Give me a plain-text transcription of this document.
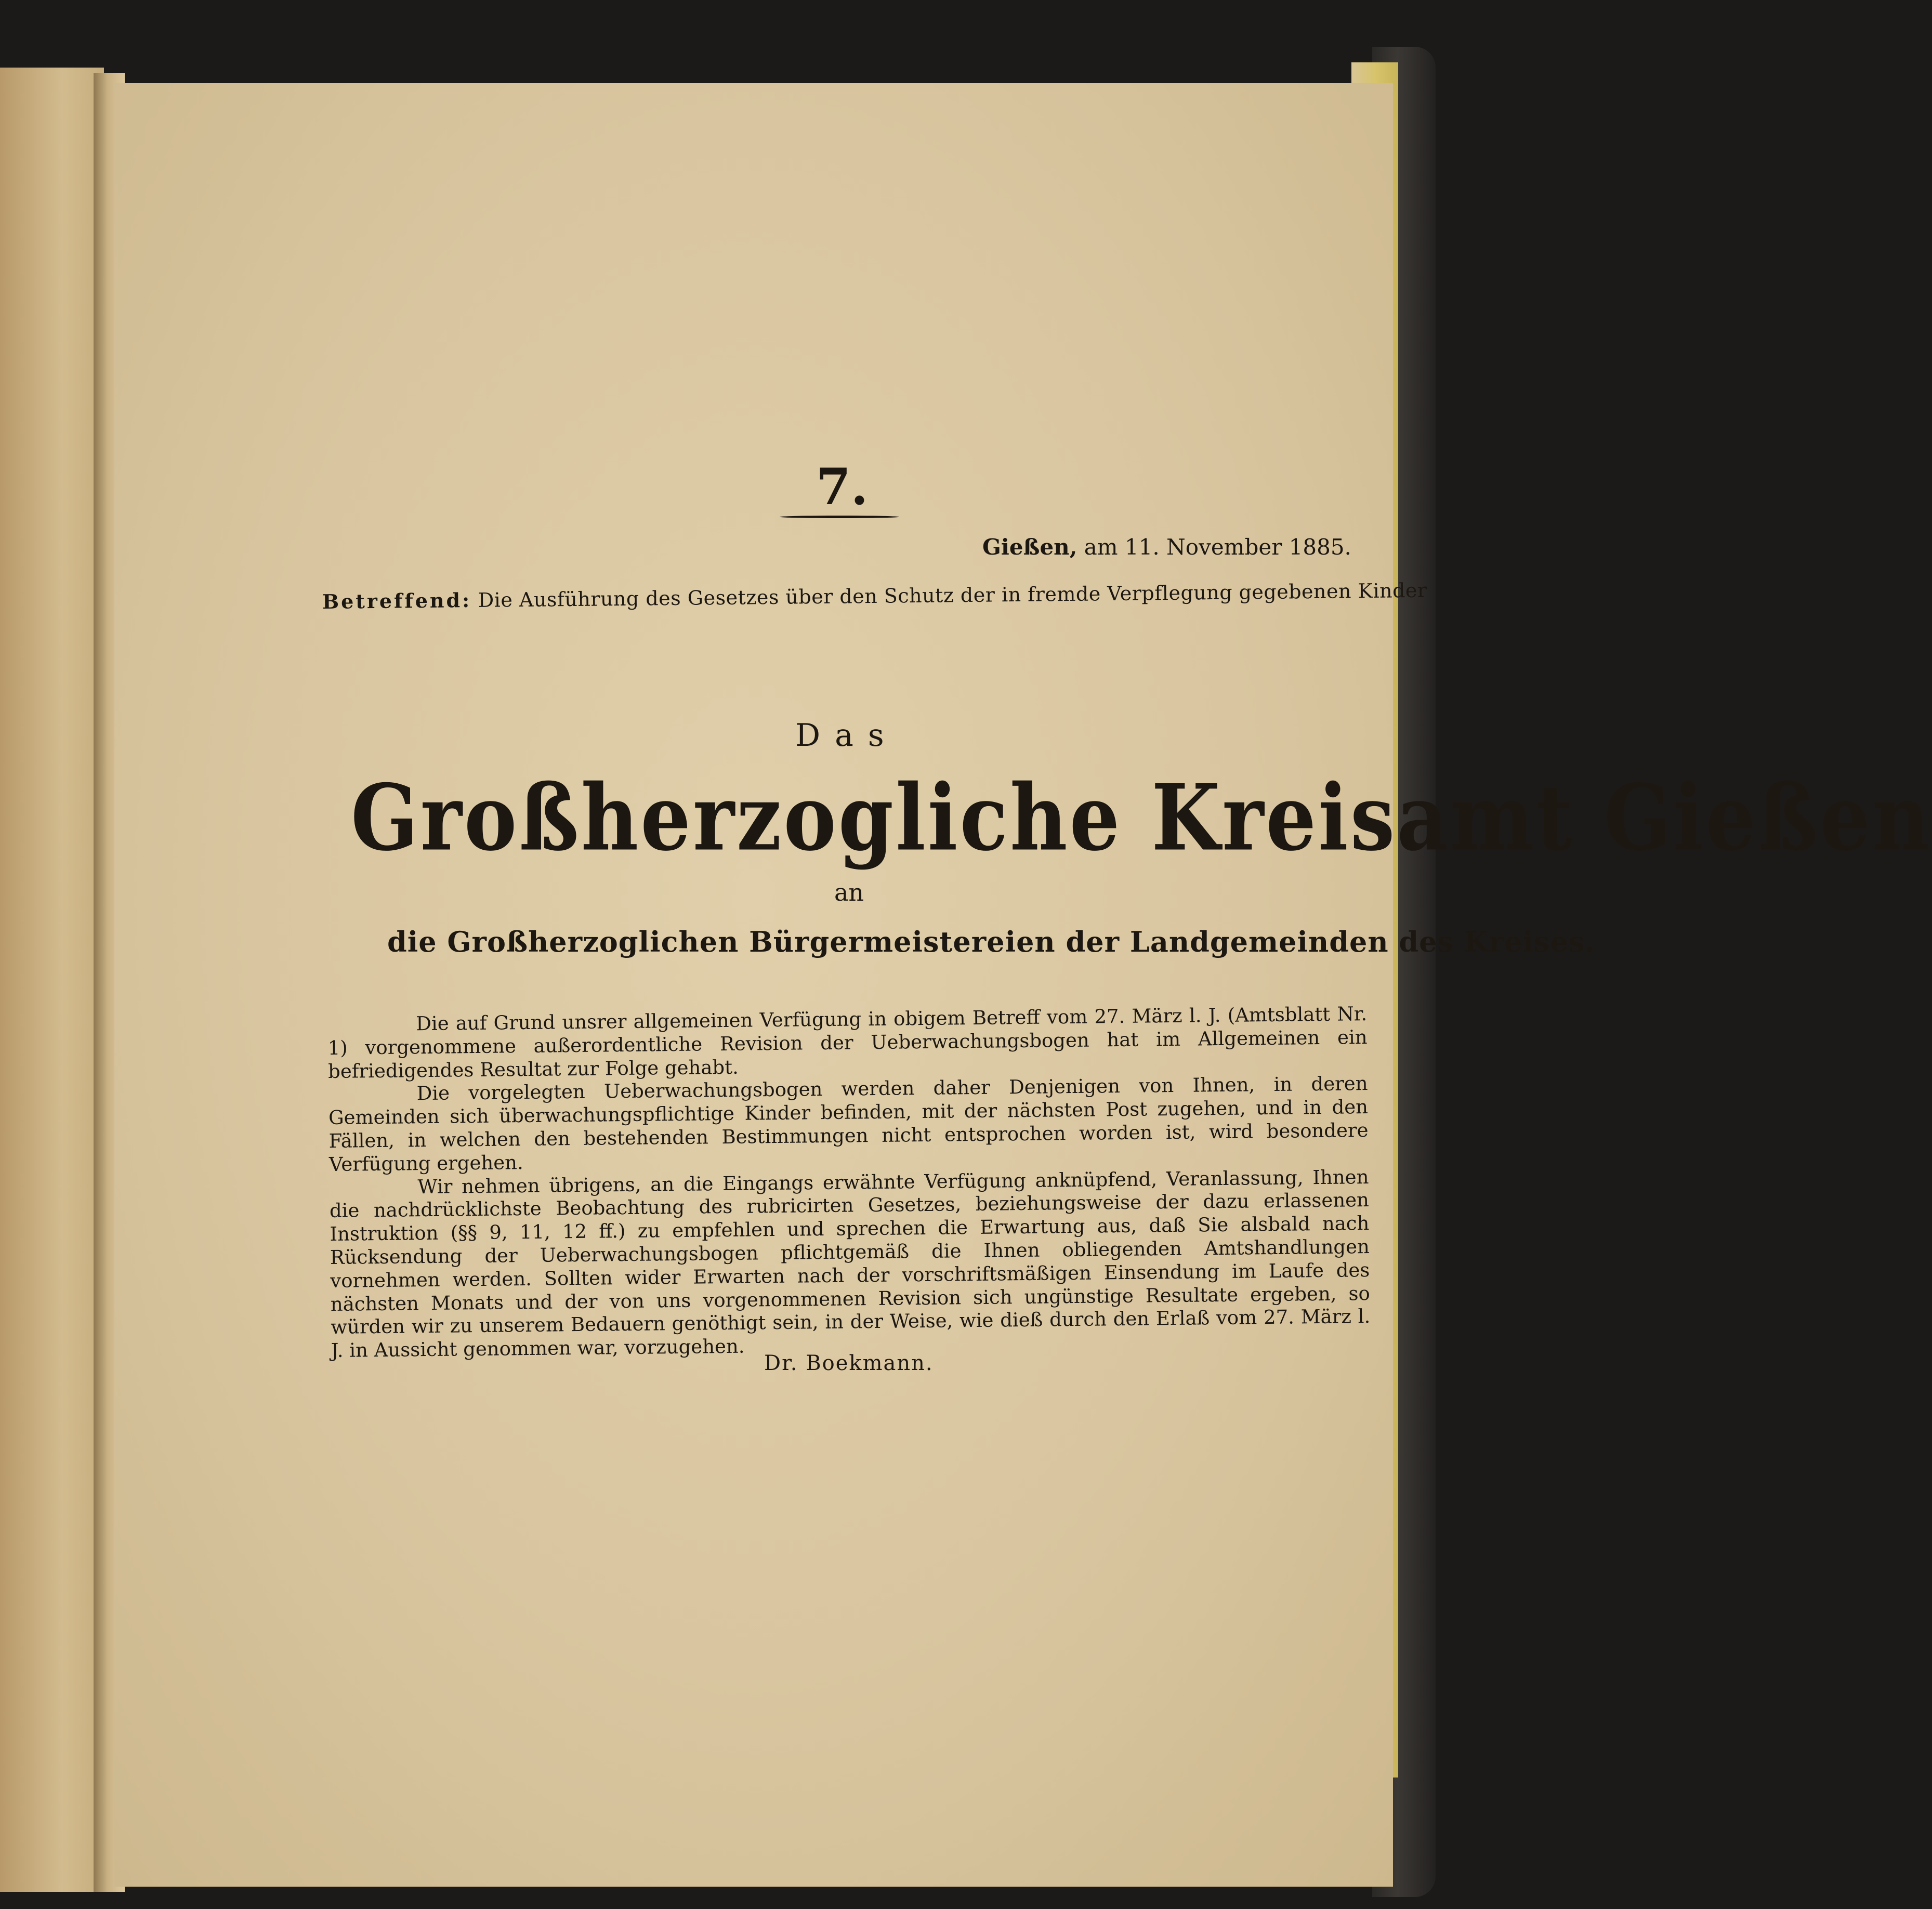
7.
Gießen, am 11. November 1885.
Betreffend: Die Ausführung des Gesetzes über den Schutz der in fremde Verpflegung gegebenen Kinder
Das
Großherzogliche Kreisamt Gießen
an
die Großherzoglichen Bürgermeistereien der Landgemeinden des Kreises.

Die auf Grund unsrer allgemeinen Verfügung in obigem Betreff vom 27. März l. J. (Amtsblatt Nr. 1) vorgenommene außerordentliche Revision der Ueberwachungsbogen hat im Allgemeinen ein befriedigendes Resultat zur Folge gehabt.

Die vorgelegten Ueberwachungsbogen werden daher Denjenigen von Ihnen, in deren Gemeinden sich überwachungspflichtige Kinder befinden, mit der nächsten Post zugehen, und in den Fällen, in welchen den bestehenden Bestimmungen nicht entsprochen worden ist, wird besondere Verfügung ergehen.

Wir nehmen übrigens, an die Eingangs erwähnte Verfügung anknüpfend, Veranlassung, Ihnen die nachdrücklichste Beobachtung des rubricirten Gesetzes, beziehungsweise der dazu erlassenen Instruktion (§§ 9, 11, 12 ff.) zu empfehlen und sprechen die Erwartung aus, daß Sie alsbald nach Rücksendung der Ueberwachungsbogen pflichtgemäß die Ihnen obliegenden Amtshandlungen vornehmen werden. Sollten wider Erwarten nach der vorschriftsmäßigen Einsendung im Laufe des nächsten Monats und der von uns vorgenommenen Revision sich ungünstige Resultate ergeben, so würden wir zu unserem Bedauern genöthigt sein, in der Weise, wie dieß durch den Erlaß vom 27. März l. J. in Aussicht genommen war, vorzugehen.

Dr. Boekmann.
